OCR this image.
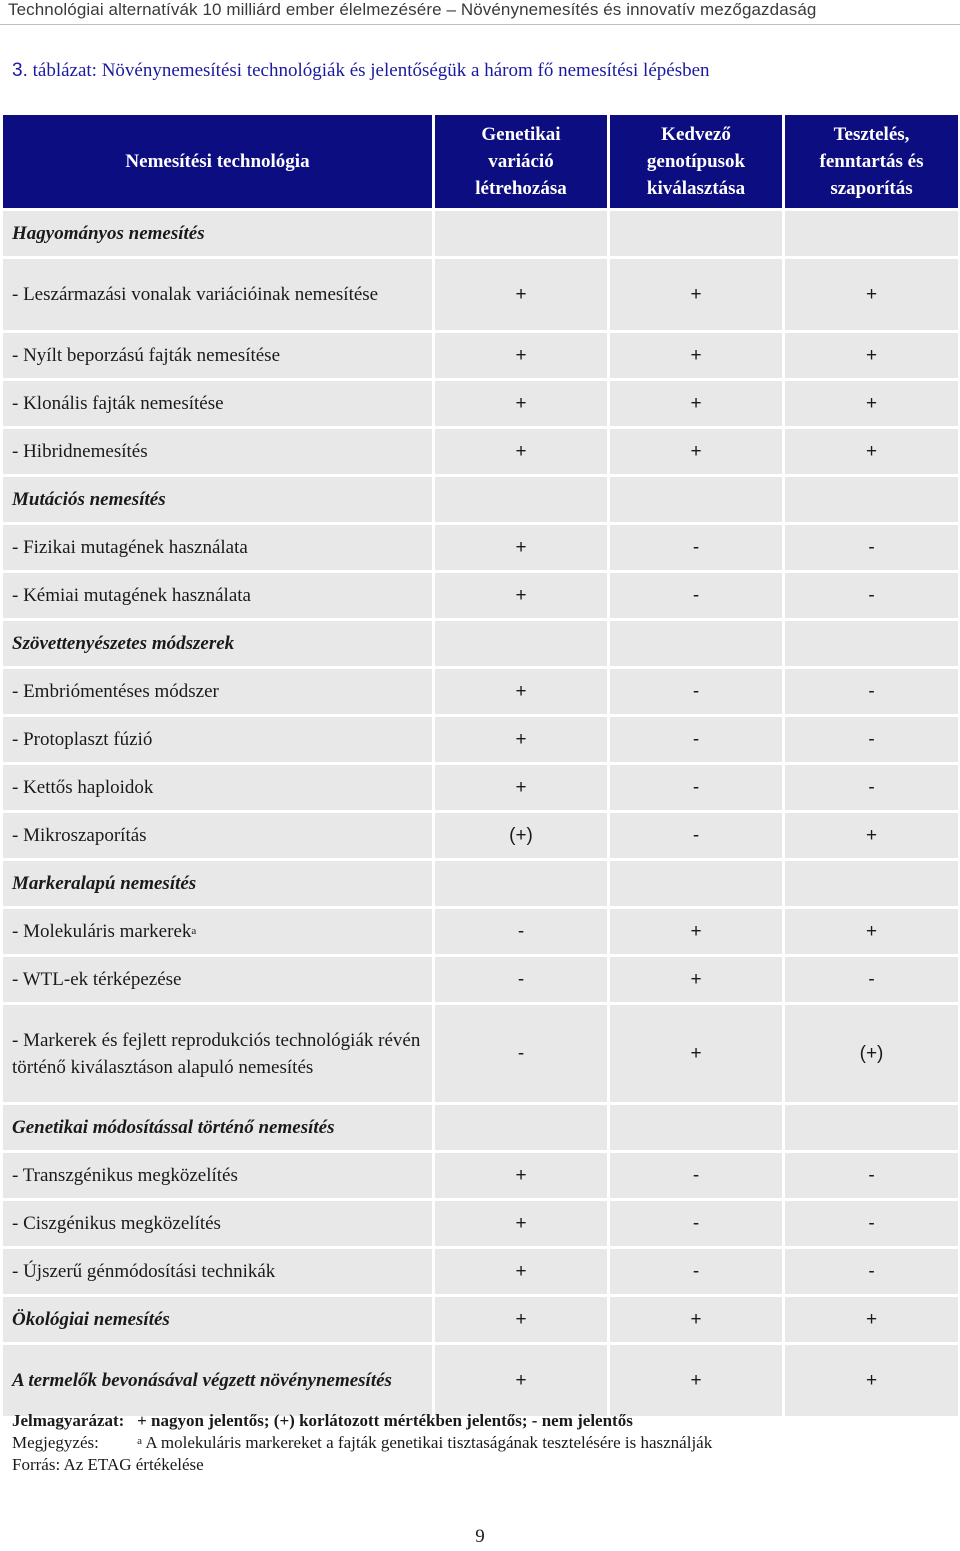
Technológiai alternatívák 10 milliárd ember élelmezésére – Növénynemesítés és innovatív mezőgazdaság
3. táblázat: Növénynemesítési technológiák és jelentőségük a három fő nemesítési lépésben
Nemesítési technológia	Genetikai variáció létrehozása	Kedvező genotípusok kiválasztása	Tesztelés, fenntartás és szaporítás
Hagyományos nemesítés			
- Leszármazási vonalak variációinak nemesítése	+	+	+
- Nyílt beporzású fajták nemesítése	+	+	+
- Klonális fajták nemesítése	+	+	+
- Hibridnemesítés	+	+	+
Mutációs nemesítés			
- Fizikai mutagének használata	+	-	-
- Kémiai mutagének használata	+	-	-
Szövettenyészetes módszerek			
- Embriómentéses módszer	+	-	-
- Protoplaszt fúzió	+	-	-
- Kettős haploidok	+	-	-
- Mikroszaporítás	(+)	-	+
Markeralapú nemesítés			
- Molekuláris markerek$^a$	-	+	+
- WTL-ek térképezése	-	+	-
- Markerek és fejlett reprodukciós technológiák révén történő kiválasztáson alapuló nemesítés	-	+	(+)
Genetikai módosítással történő nemesítés			
- Transzgénikus megközelítés	+	-	-
- Ciszgénikus megközelítés	+	-	-
- Újszerű génmódosítási technikák	+	-	-
Ökológiai nemesítés	+	+	+
A termelők bevonásával végzett növénynemesítés	+	+	+
Jelmagyarázat: + nagyon jelentős; (+) korlátozott mértékben jelentős; - nem jelentős
Megjegyzés:	$^a$ A molekuláris markereket a fajták genetikai tisztaságának tesztelésére is használják
Forrás: Az ETAG értékelése
9
